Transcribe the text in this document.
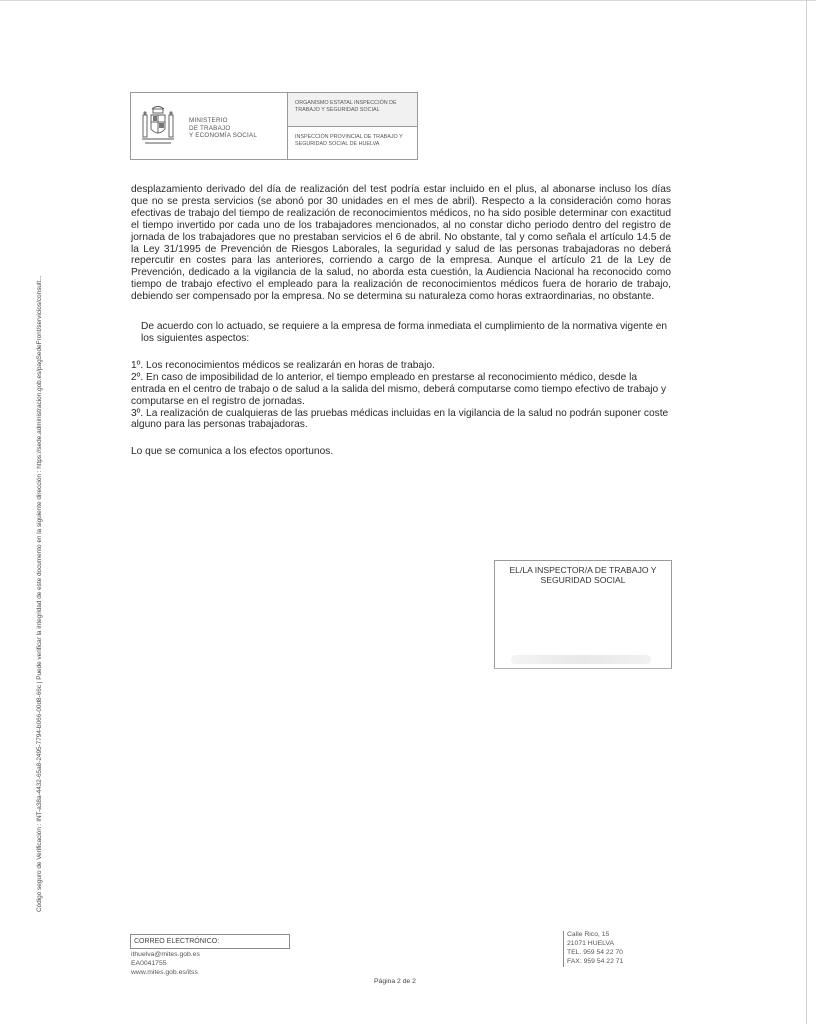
Código seguro de Verificación : INT-a38a-4432-65a8-2495-7794-b066-00d8-66c | Puede verificar la integridad de este documento en la siguiente dirección : https://sede.administracion.gob.es/pagSedeFront/servicios/consult...
MINISTERIO
DE TRABAJO
Y ECONOMÍA SOCIAL
ORGANISMO ESTATAL INSPECCIÓN DE
TRABAJO Y SEGURIDAD SOCIAL
INSPECCIÓN PROVINCIAL DE TRABAJO Y
SEGURIDAD SOCIAL DE HUELVA

desplazamiento derivado del día de realización del test podría estar incluido en el plus, al abonarse incluso los días que no se presta servicios (se abonó por 30 unidades en el mes de abril). Respecto a la consideración como horas efectivas de trabajo del tiempo de realización de reconocimientos médicos, no ha sido posible determinar con exactitud el tiempo invertido por cada uno de los trabajadores mencionados, al no constar dicho periodo dentro del registro de jornada de los trabajadores que no prestaban servicios el 6 de abril. No obstante, tal y como señala el artículo 14.5 de la Ley 31/1995 de Prevención de Riesgos Laborales, la seguridad y salud de las personas trabajadoras no deberá repercutir en costes para las anteriores, corriendo a cargo de la empresa. Aunque el artículo 21 de la Ley de Prevención, dedicado a la vigilancia de la salud, no aborda esta cuestión, la Audiencia Nacional ha reconocido como tiempo de trabajo efectivo el empleado para la realización de reconocimientos médicos fuera de horario de trabajo, debiendo ser compensado por la empresa. No se determina su naturaleza como horas extraordinarias, no obstante.

De acuerdo con lo actuado, se requiere a la empresa de forma inmediata el cumplimiento de la normativa vigente en los siguientes aspectos:

1º. Los reconocimientos médicos se realizarán en horas de trabajo.

2º. En caso de imposibilidad de lo anterior, el tiempo empleado en prestarse al reconocimiento médico, desde la entrada en el centro de trabajo o de salud a la salida del mismo, deberá computarse como tiempo efectivo de trabajo y computarse en el registro de jornadas.

3º. La realización de cualquieras de las pruebas médicas incluidas en la vigilancia de la salud no podrán suponer coste alguno para las personas trabajadoras.

Lo que se comunica a los efectos oportunos.

EL/LA INSPECTOR/A DE TRABAJO Y
SEGURIDAD SOCIAL
CORREO ELECTRÓNICO:
ithuelva@mites.gob.es
EA0041755
www.mites.gob.es/itss
Calle Rico, 15
21071 HUELVA
TEL. 959 54 22 70
FAX: 959 54 22 71
Página 2 de 2
